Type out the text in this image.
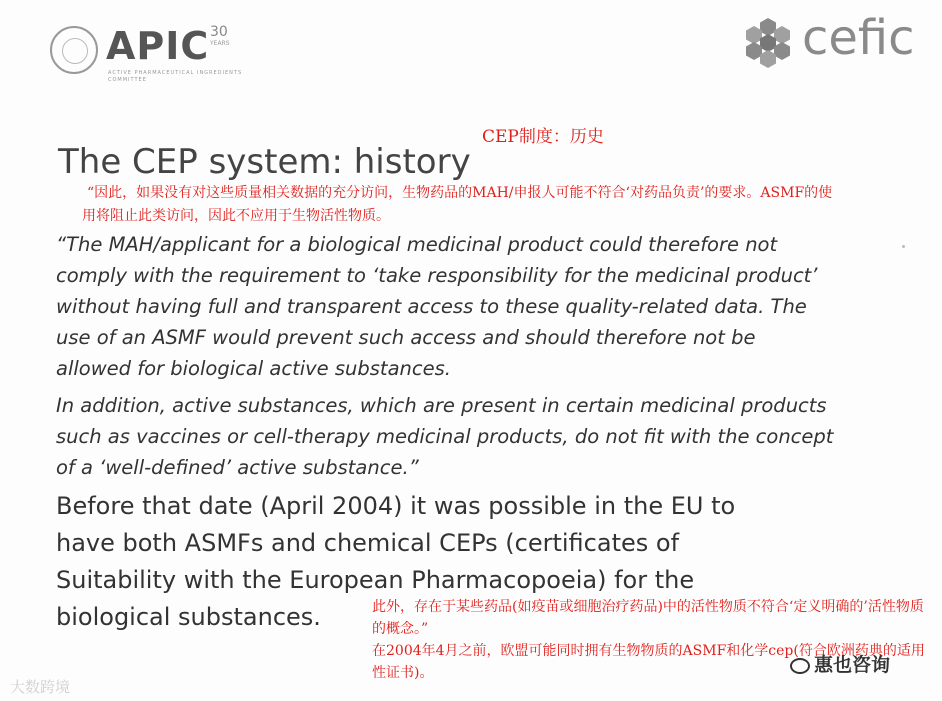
APIC 30
YEARS
ACTIVE PHARMACEUTICAL INGREDIENTS COMMITTEE
cefic
CEP制度：历史
The CEP system: history
“因此，如果没有对这些质量相关数据的充分访问，生物药品的MAH/申报人可能不符合‘对药品负责’的要求。ASMF的使用将阻止此类访问，因此不应用于生物活性物质。

“The MAH/applicant for a biological medicinal product could therefore not comply with the requirement to ‘take responsibility for the medicinal product’ without having full and transparent access to these quality-related data. The use of an ASMF would prevent such access and should therefore not be allowed for biological active substances.

In addition, active substances, which are present in certain medicinal products such as vaccines or cell-therapy medicinal products, do not fit with the concept of a ‘well-defined’ active substance.”

Before that date (April 2004) it was possible in the EU to have both ASMFs and chemical CEPs (certificates of Suitability with the European Pharmacopoeia) for the biological substances.	此外，存在于某些药品(如疫苗或细胞治疗药品)中的活性物质不符合‘定义明确的’活性物质的概念。”
在2004年4月之前，欧盟可能同时拥有生物物质的ASMF和化学cep(符合欧洲药典的适用性证书)。
大数跨境
惠也咨询
